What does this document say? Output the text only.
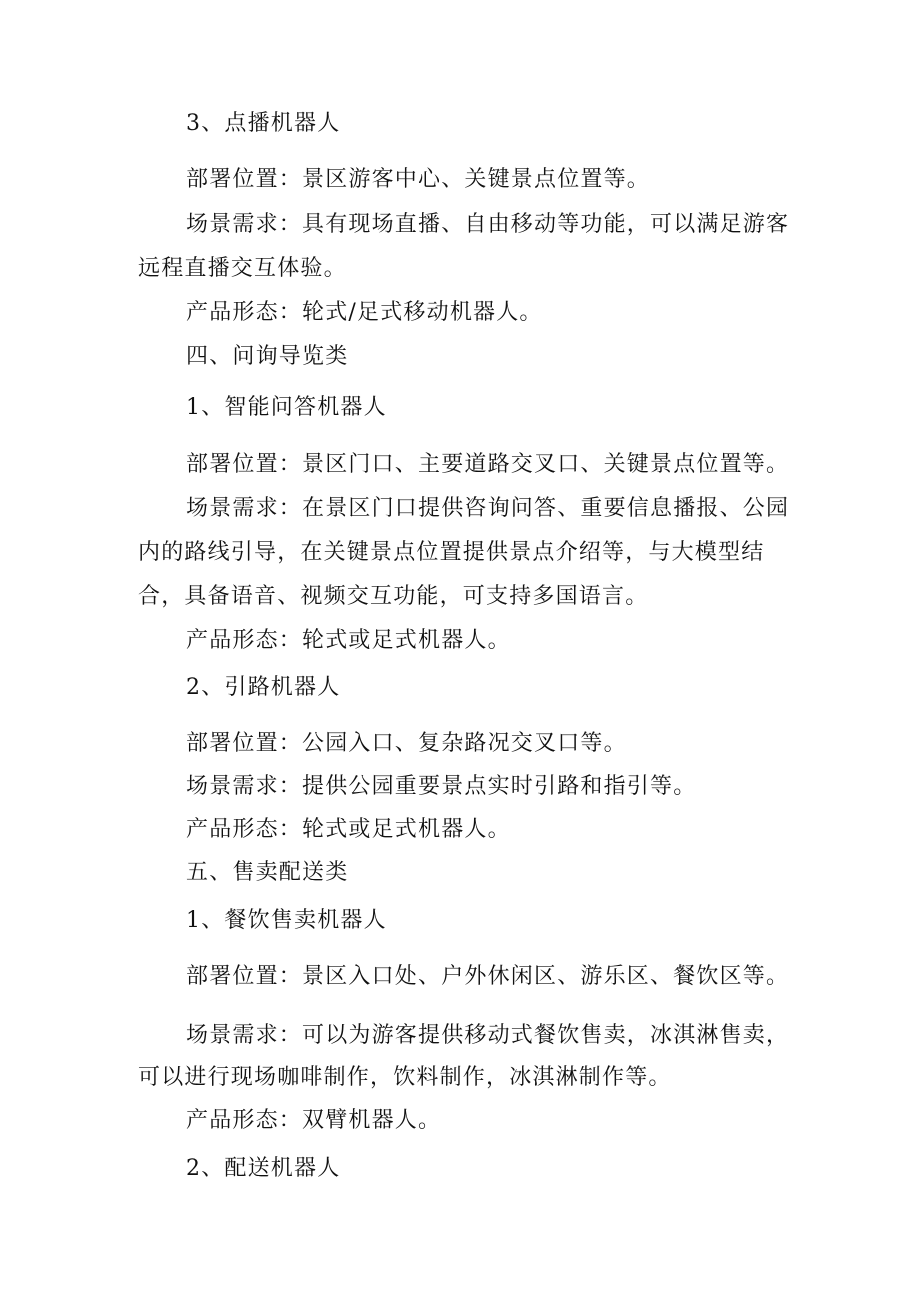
3、点播机器人
部署位置：景区游客中心、关键景点位置等。
场景需求：具有现场直播、自由移动等功能，可以满足游客
远程直播交互体验。
产品形态：轮式/足式移动机器人。
四、问询导览类
1、智能问答机器人
部署位置：景区门口、主要道路交叉口、关键景点位置等。
场景需求：在景区门口提供咨询问答、重要信息播报、公园
内的路线引导，在关键景点位置提供景点介绍等，与大模型结
合，具备语音、视频交互功能，可支持多国语言。
产品形态：轮式或足式机器人。
2、引路机器人
部署位置：公园入口、复杂路况交叉口等。
场景需求：提供公园重要景点实时引路和指引等。
产品形态：轮式或足式机器人。
五、售卖配送类
1、餐饮售卖机器人
部署位置：景区入口处、户外休闲区、游乐区、餐饮区等。
场景需求：可以为游客提供移动式餐饮售卖，冰淇淋售卖，
可以进行现场咖啡制作，饮料制作，冰淇淋制作等。
产品形态：双臂机器人。
2、配送机器人
